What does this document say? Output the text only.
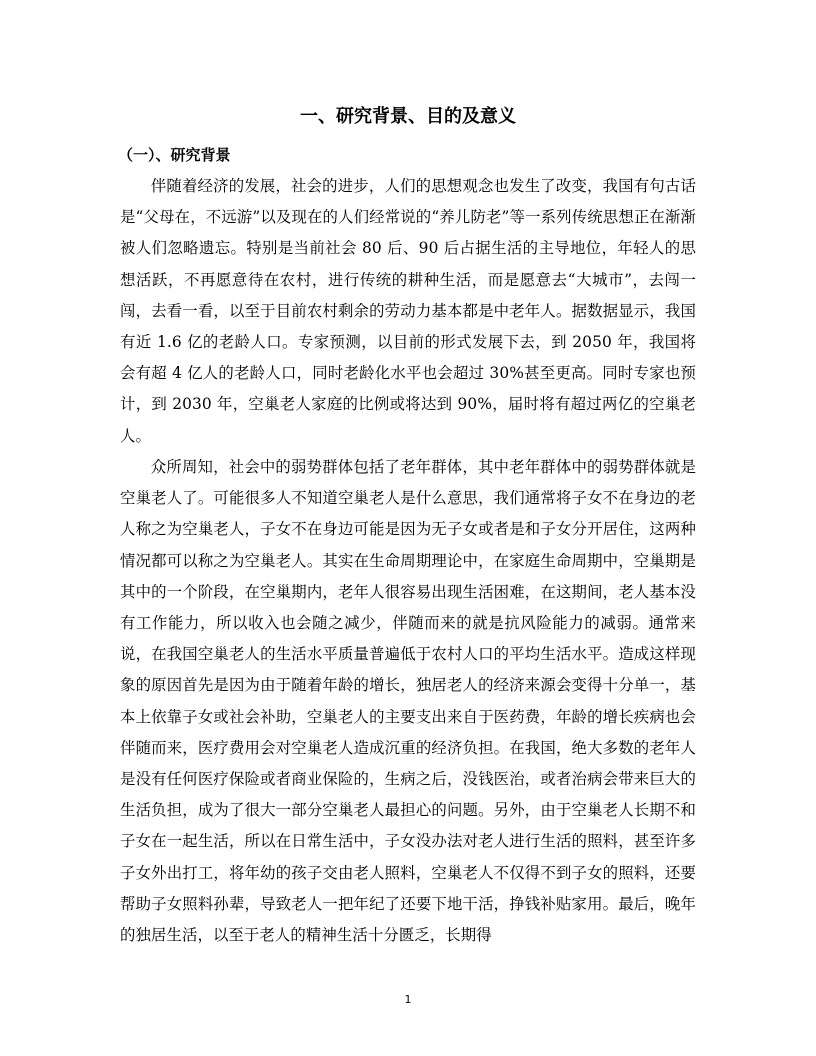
一、研究背景、目的及意义
（一）、研究背景

伴随着经济的发展，社会的进步，人们的思想观念也发生了改变，我国有句古话是“父母在，不远游”以及现在的人们经常说的“养儿防老”等一系列传统思想正在渐渐被人们忽略遗忘。特别是当前社会 80 后、90 后占据生活的主导地位，年轻人的思想活跃，不再愿意待在农村，进行传统的耕种生活，而是愿意去“大城市”，去闯一闯，去看一看，以至于目前农村剩余的劳动力基本都是中老年人。据数据显示，我国有近 1.6 亿的老龄人口。专家预测，以目前的形式发展下去，到 2050 年，我国将会有超 4 亿人的老龄人口，同时老龄化水平也会超过 30%甚至更高。同时专家也预计，到 2030 年，空巢老人家庭的比例或将达到 90%，届时将有超过两亿的空巢老人。

众所周知，社会中的弱势群体包括了老年群体，其中老年群体中的弱势群体就是空巢老人了。可能很多人不知道空巢老人是什么意思，我们通常将子女不在身边的老人称之为空巢老人，子女不在身边可能是因为无子女或者是和子女分开居住，这两种情况都可以称之为空巢老人。其实在生命周期理论中，在家庭生命周期中，空巢期是其中的一个阶段，在空巢期内，老年人很容易出现生活困难，在这期间，老人基本没有工作能力，所以收入也会随之减少，伴随而来的就是抗风险能力的减弱。通常来说，在我国空巢老人的生活水平质量普遍低于农村人口的平均生活水平。造成这样现象的原因首先是因为由于随着年龄的增长，独居老人的经济来源会变得十分单一，基本上依靠子女或社会补助，空巢老人的主要支出来自于医药费，年龄的增长疾病也会伴随而来，医疗费用会对空巢老人造成沉重的经济负担。在我国，绝大多数的老年人是没有任何医疗保险或者商业保险的，生病之后，没钱医治，或者治病会带来巨大的生活负担，成为了很大一部分空巢老人最担心的问题。另外，由于空巢老人长期不和子女在一起生活，所以在日常生活中，子女没办法对老人进行生活的照料，甚至许多子女外出打工，将年幼的孩子交由老人照料，空巢老人不仅得不到子女的照料，还要帮助子女照料孙辈，导致老人一把年纪了还要下地干活，挣钱补贴家用。最后，晚年的独居生活，以至于老人的精神生活十分匮乏，长期得

1
